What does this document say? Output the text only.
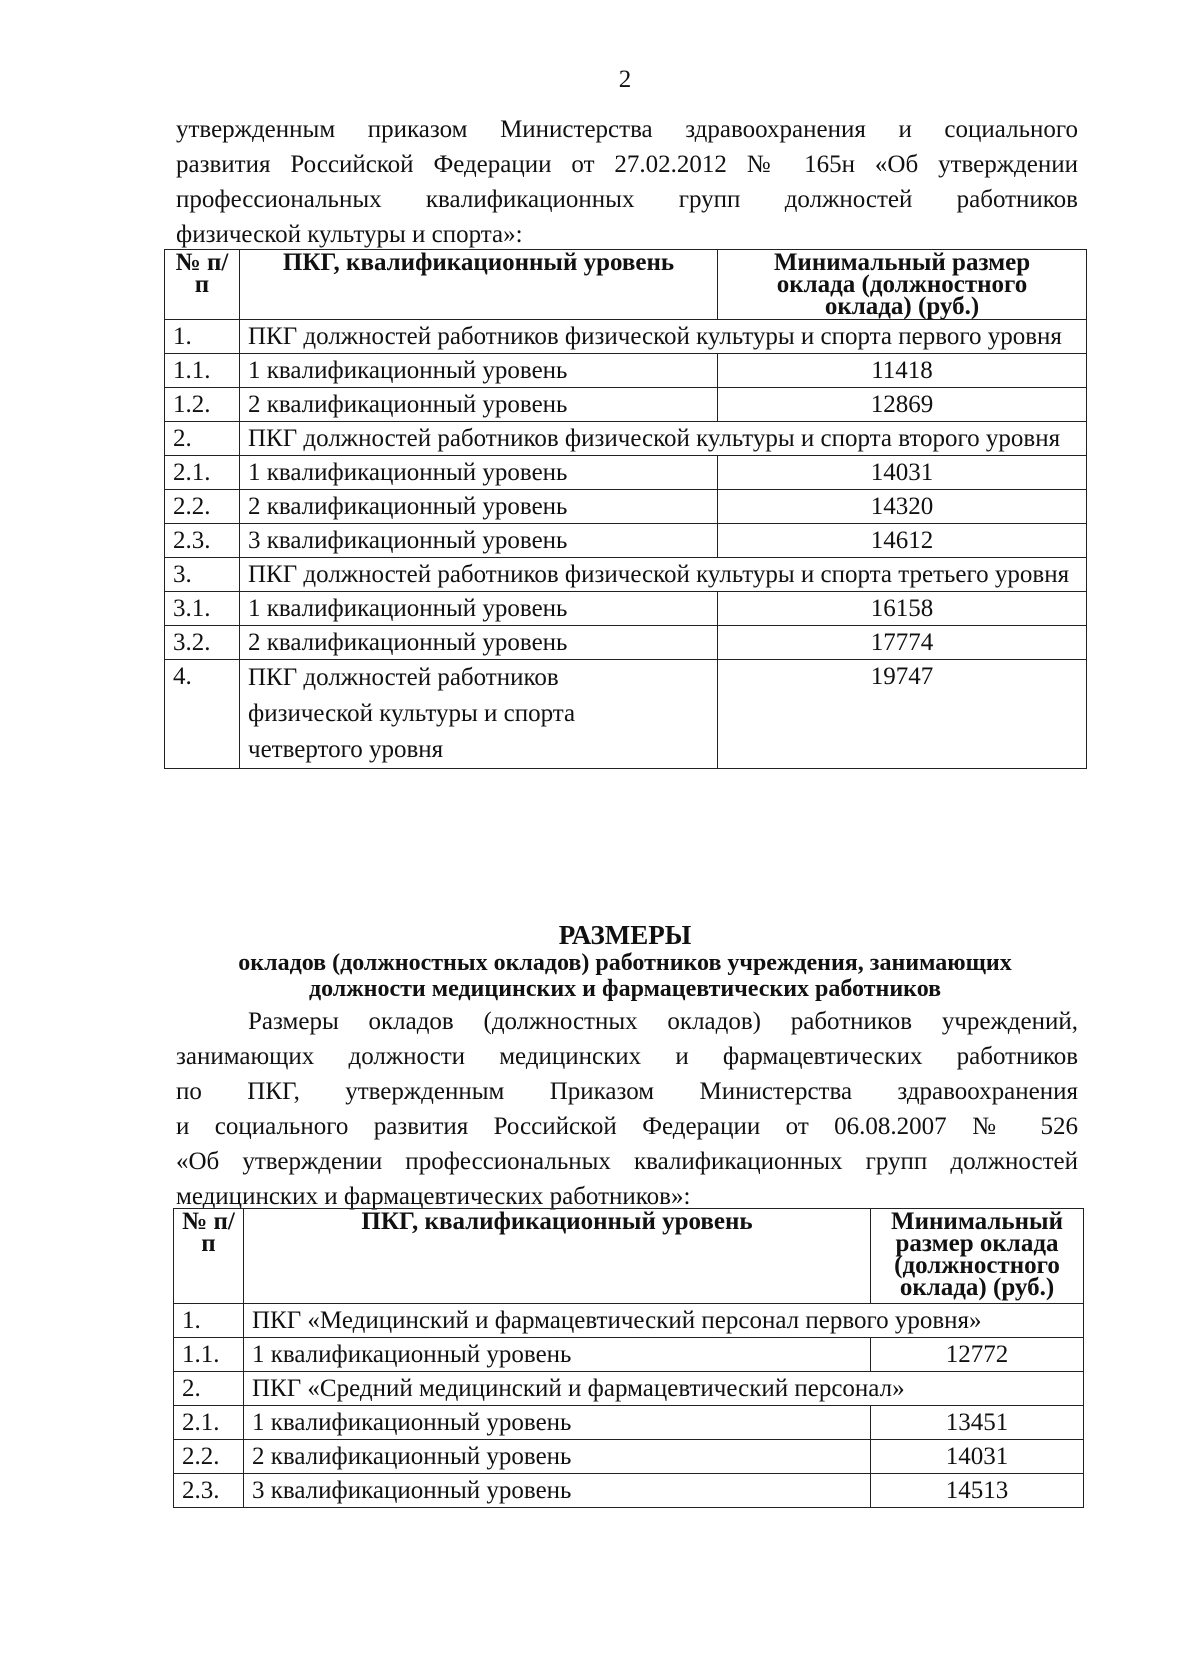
2
утвержденным приказом Министерства здравоохранения и социального
развития Российской Федерации от 27.02.2012 № 165н «Об утверждении
профессиональных квалификационных групп должностей работников
физической культуры и спорта»:
№ п/п	ПКГ, квалификационный уровень	Минимальный размер оклада (должностного оклада) (руб.)
1.	ПКГ должностей работников физической культуры и спорта первого уровня	
1.1.	1 квалификационный уровень	11418
1.2.	2 квалификационный уровень	12869
2.	ПКГ должностей работников физической культуры и спорта второго уровня	
2.1.	1 квалификационный уровень	14031
2.2.	2 квалификационный уровень	14320
2.3.	3 квалификационный уровень	14612
3.	ПКГ должностей работников физической культуры и спорта третьего уровня	
3.1.	1 квалификационный уровень	16158
3.2.	2 квалификационный уровень	17774
4.	ПКГ должностей работников физической культуры и спорта четвертого уровня	19747
РАЗМЕРЫ
окладов (должностных окладов) работников учреждения, занимающих
должности медицинских и фармацевтических работников
Размеры окладов (должностных окладов) работников учреждений,
занимающих должности медицинских и фармацевтических работников
по ПКГ, утвержденным Приказом Министерства здравоохранения
и социального развития Российской Федерации от 06.08.2007 № 526
«Об утверждении профессиональных квалификационных групп должностей
медицинских и фармацевтических работников»:
№ п/п	ПКГ, квалификационный уровень	Минимальный размер оклада (должностного оклада) (руб.)
1.	ПКГ «Медицинский и фармацевтический персонал первого уровня»	
1.1.	1 квалификационный уровень	12772
2.	ПКГ «Средний медицинский и фармацевтический персонал»	
2.1.	1 квалификационный уровень	13451
2.2.	2 квалификационный уровень	14031
2.3.	3 квалификационный уровень	14513
